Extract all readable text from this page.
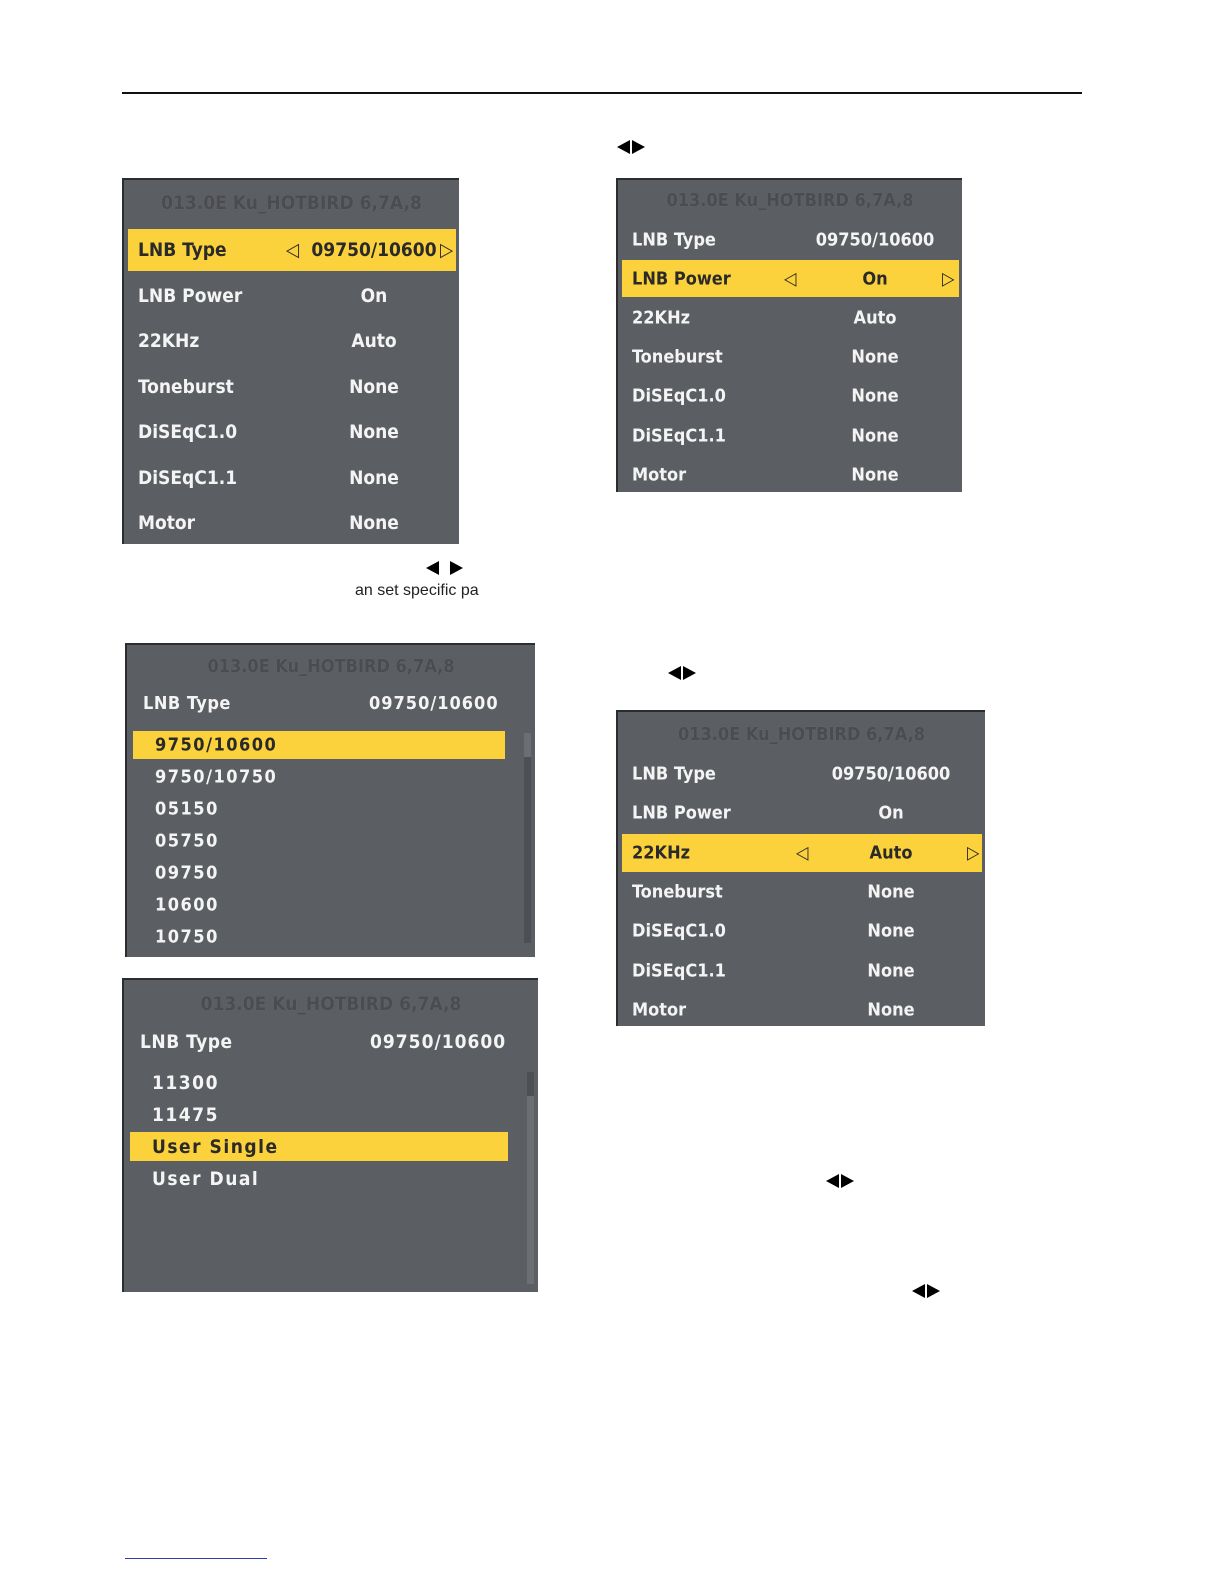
an set specific pa
013.0E Ku_HOTBIRD 6,7A,8
LNB Type	09750/10600
◁	▷
LNB Power	On
22KHz	Auto
Toneburst	None
DiSEqC1.0	None
DiSEqC1.1	None
Motor	None
013.0E Ku_HOTBIRD 6,7A,8
LNB Type	09750/10600
LNB Power	On
◁	▷
22KHz	Auto
Toneburst	None
DiSEqC1.0	None
DiSEqC1.1	None
Motor	None
013.0E Ku_HOTBIRD 6,7A,8
LNB Type	09750/10600
9750/10600
9750/10750
05150
05750
09750
10600
10750
013.0E Ku_HOTBIRD 6,7A,8
LNB Type	09750/10600
11300
11475
User Single
User Dual
013.0E Ku_HOTBIRD 6,7A,8
LNB Type	09750/10600
LNB Power	On
22KHz	Auto
◁	▷
Toneburst	None
DiSEqC1.0	None
DiSEqC1.1	None
Motor	None
